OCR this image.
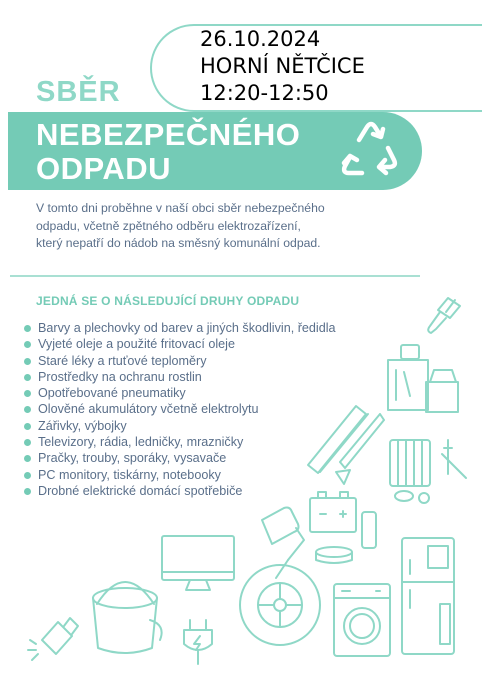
26.10.2024
HORNÍ NĚTČICE
12:20-12:50
SBĚR
NEBEZPEČNÉHO
ODPADU
V tomto dni proběhne v naší obci sběr nebezpečného
odpadu, včetně zpětného odběru elektrozařízení,
který nepatří do nádob na směsný komunální odpad.
JEDNÁ SE O NÁSLEDUJÍCÍ DRUHY ODPADU
Barvy a plechovky od barev a jiných škodlivin, ředidla
Vyjeté oleje a použité fritovací oleje
Staré léky a rtuťové teploměry
Prostředky na ochranu rostlin
Opotřebované pneumatiky
Olověné akumulátory včetně elektrolytu
Zářivky, výbojky
Televizory, rádia, ledničky, mrazničky
Pračky, trouby, sporáky, vysavače
PC monitory, tiskárny, notebooky
Drobné elektrické domácí spotřebiče
